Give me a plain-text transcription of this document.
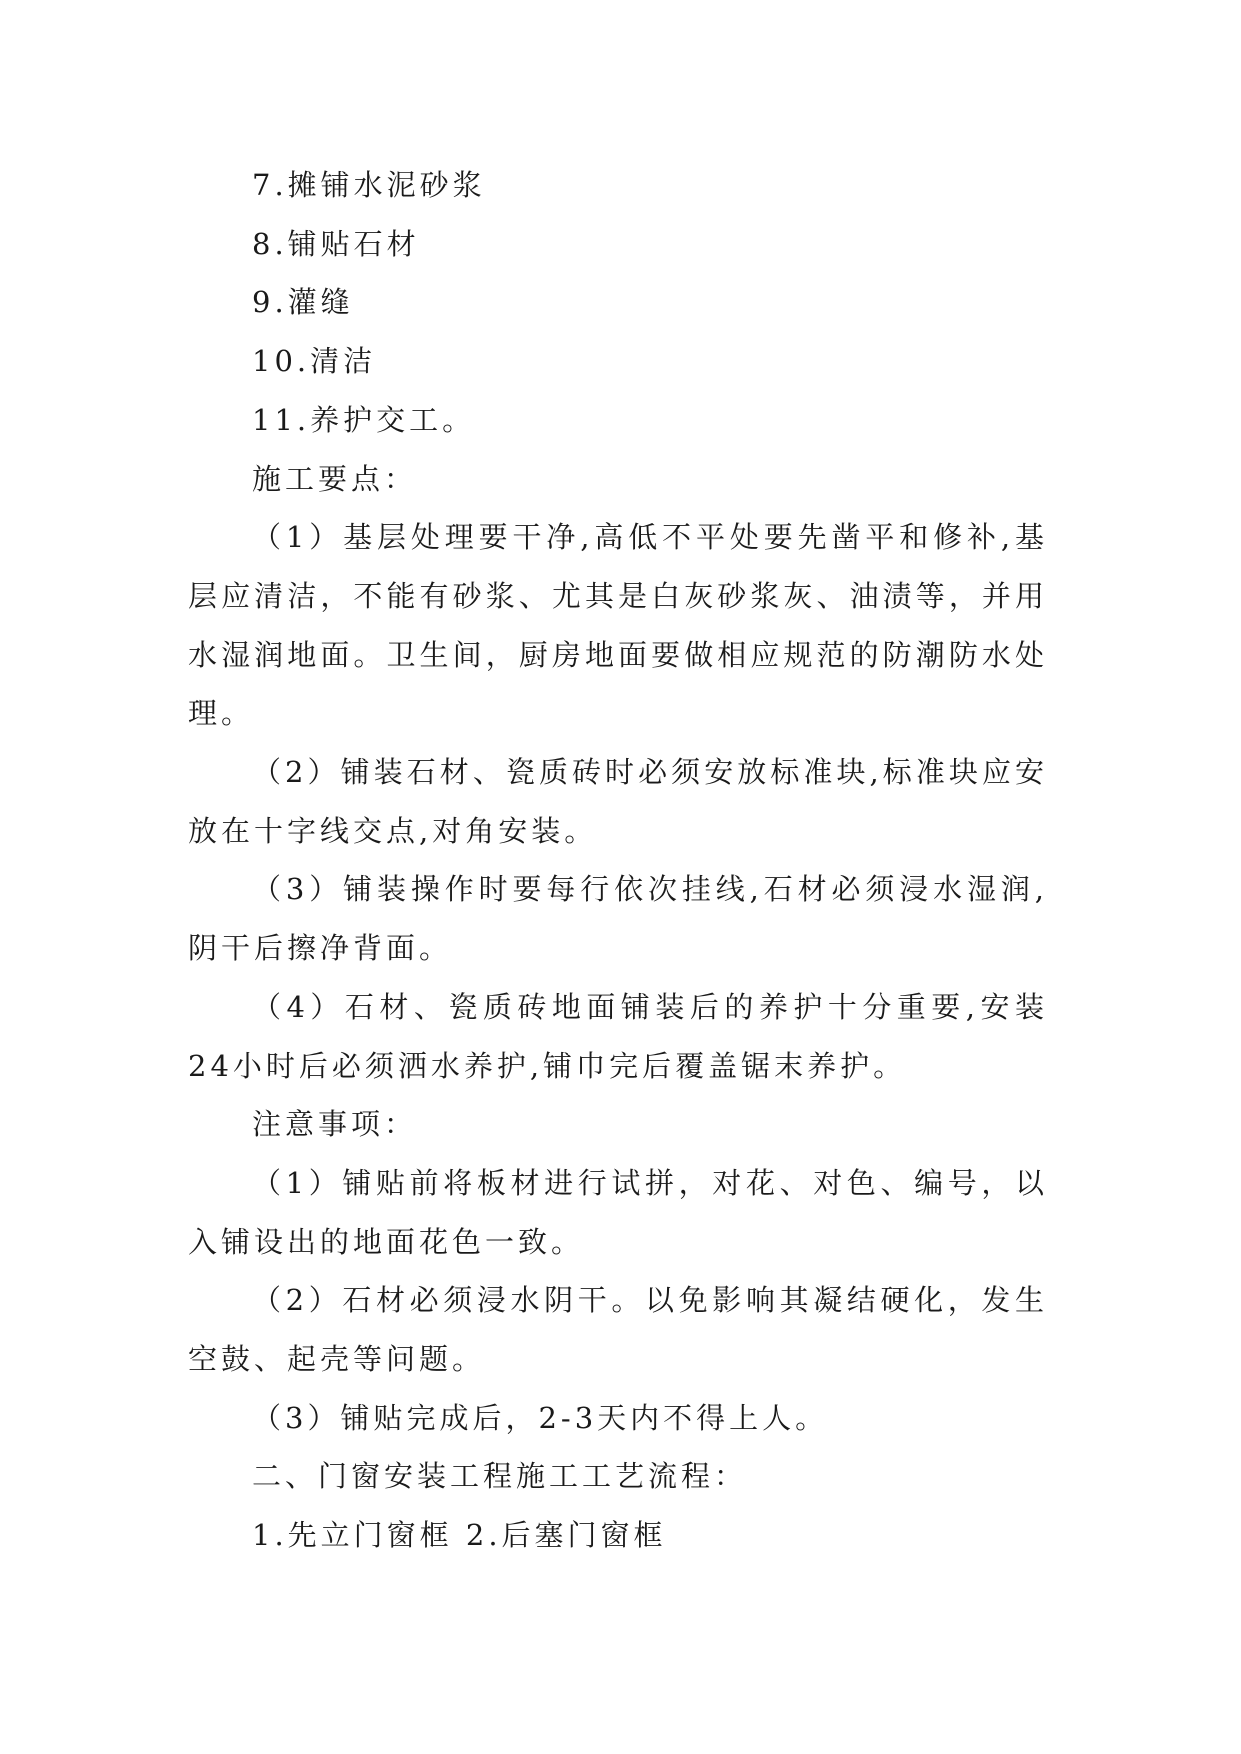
7.摊铺水泥砂浆

8.铺贴石材

9.灌缝

10.清洁

11.养护交工。

施工要点：

（1）基层处理要干净,高低不平处要先凿平和修补,基层应清洁，不能有砂浆、尤其是白灰砂浆灰、油渍等，并用水湿润地面。卫生间，厨房地面要做相应规范的防潮防水处理。

（2）铺装石材、瓷质砖时必须安放标准块,标准块应安放在十字线交点,对角安装。

（3）铺装操作时要每行依次挂线,石材必须浸水湿润,阴干后擦净背面。

（4）石材、瓷质砖地面铺装后的养护十分重要,安装24小时后必须洒水养护,铺巾完后覆盖锯末养护。

注意事项：

（1）铺贴前将板材进行试拼，对花、对色、编号，以入铺设出的地面花色一致。

（2）石材必须浸水阴干。以免影响其凝结硬化，发生空鼓、起壳等问题。

（3）铺贴完成后，2-3天内不得上人。

二、门窗安装工程施工工艺流程：

1.先立门窗框 2.后塞门窗框
